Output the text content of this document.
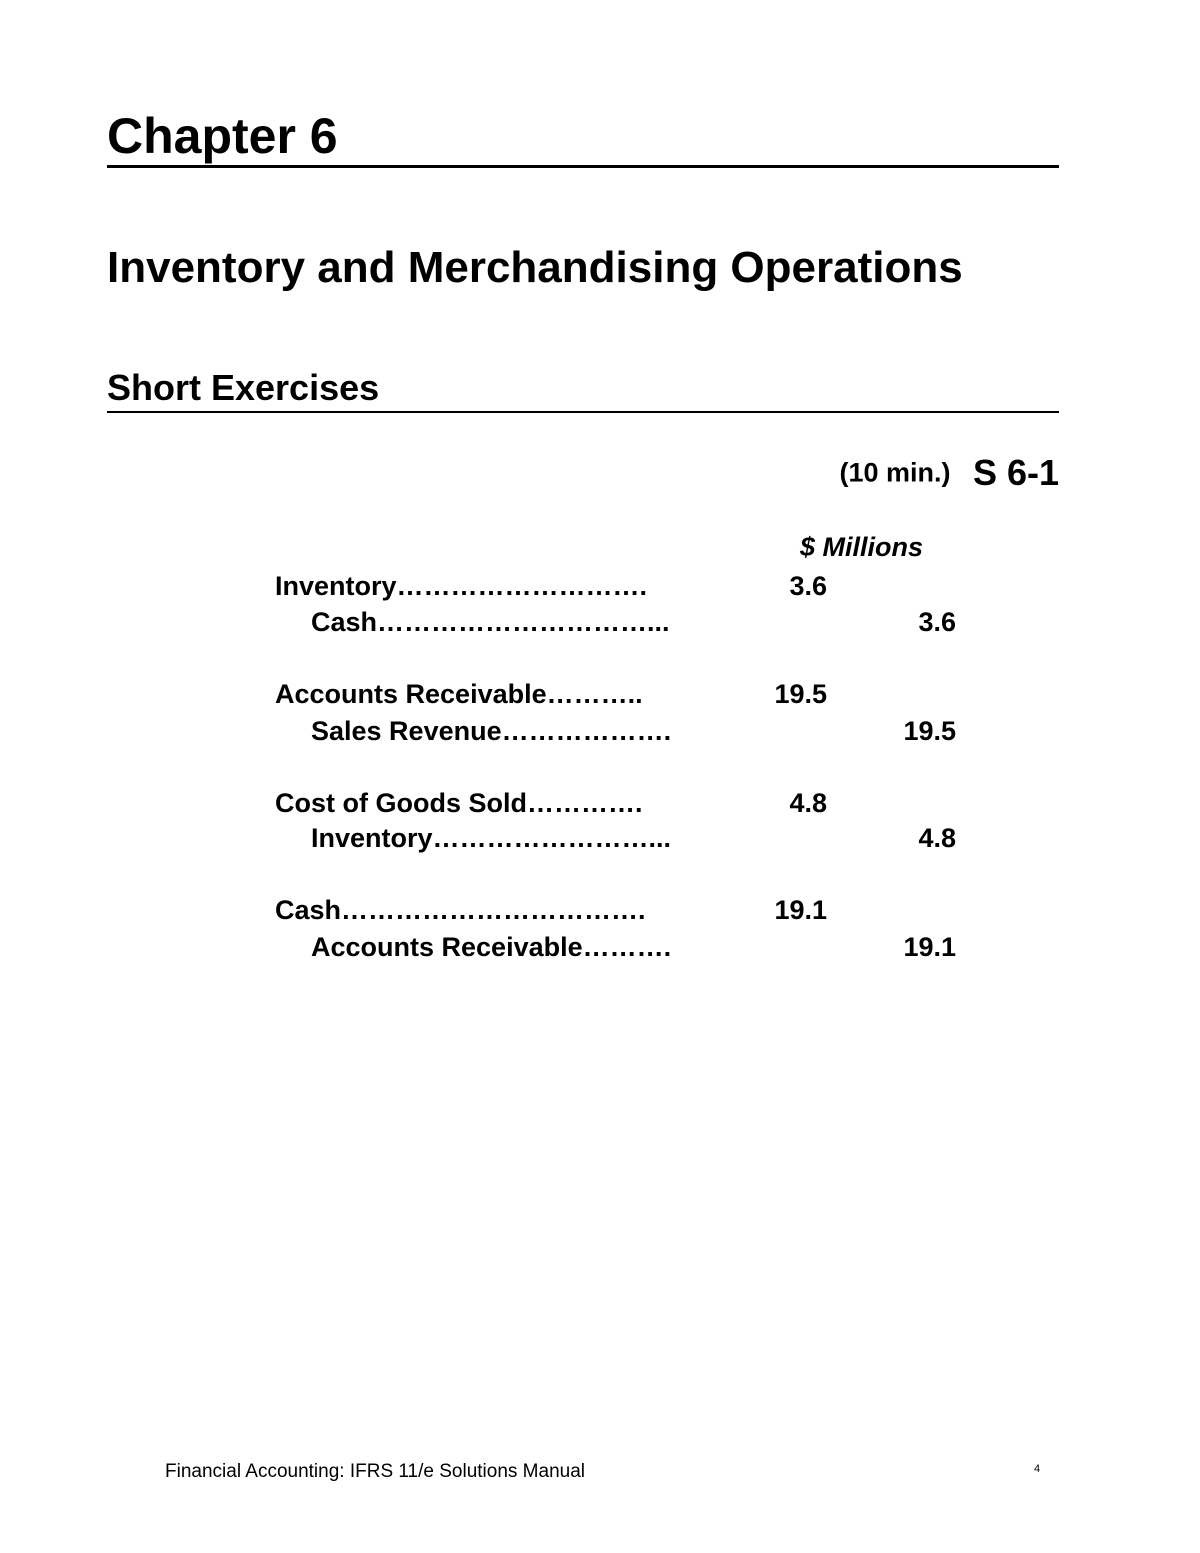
Chapter 6
Inventory and Merchandising Operations
Short Exercises
(10 min.) S 6-1
$ Millions
Inventory……………………….	3.6
Cash…………………………...	3.6
Accounts Receivable………..	19.5
Sales Revenue……………….	19.5
Cost of Goods Sold………….	4.8
Inventory……………………...	4.8
Cash…………………………….	19.1
Accounts Receivable……….	19.1
Financial Accounting: IFRS 11/e Solutions Manual	4
